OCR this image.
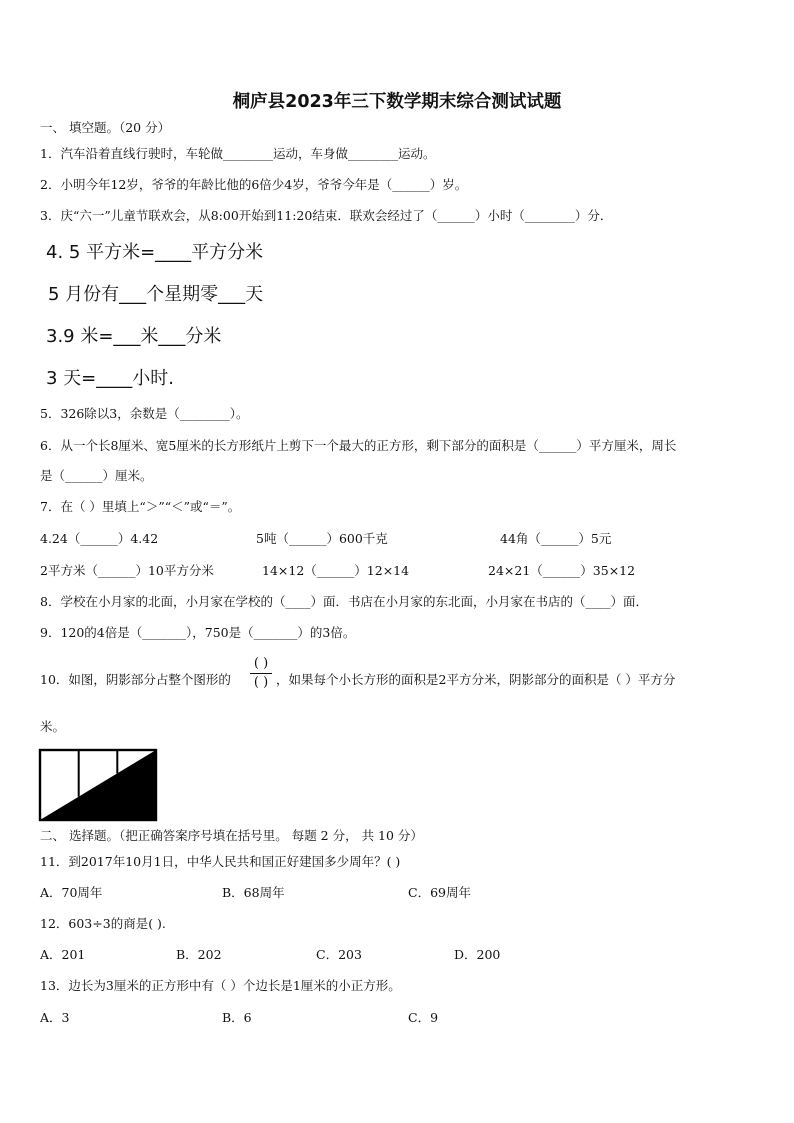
桐庐县2023年三下数学期末综合测试试题
一、 填空题。（20 分）
1．汽车沿着直线行驶时，车轮做________运动，车身做________运动。
2．小明今年12岁，爷爷的年龄比他的6倍少4岁，爷爷今年是（______）岁。
3．庆“六一”儿童节联欢会，从8:00开始到11:20结束．联欢会经过了（______）小时（________）分．
4. 5 平方米=____平方分米
5 月份有___个星期零___天
3.9 米=___米___分米
3 天=____小时.
5．326除以3，余数是（________）。
6．从一个长8厘米、宽5厘米的长方形纸片上剪下一个最大的正方形，剩下部分的面积是（______）平方厘米，周长
是（______）厘米。
7．在（ ）里填上“＞”“＜”或“＝”。
4.24（______）4.42	5吨（______）600千克	44角（______）5元
2平方米（______）10平方分米	14×12（______）12×14	24×21（______）35×12
8．学校在小月家的北面，小月家在学校的（____）面．书店在小月家的东北面，小月家在书店的（____）面．
9．120的4倍是（_______），750是（_______）的3倍。
10．如图，阴影部分占整个图形的
( )
( ) ，如果每个小长方形的面积是2平方分米，阴影部分的面积是（ ）平方分
米。
二、 选择题。（把正确答案序号填在括号里。 每题 2 分， 共 10 分）
11．到2017年10月1日，中华人民共和国正好建国多少周年？( )
A．70周年	B．68周年	C．69周年
12．603÷3的商是( ).
A．201	B．202	C．203	D．200
13．边长为3厘米的正方形中有（ ）个边长是1厘米的小正方形。
A．3	B．6	C．9
